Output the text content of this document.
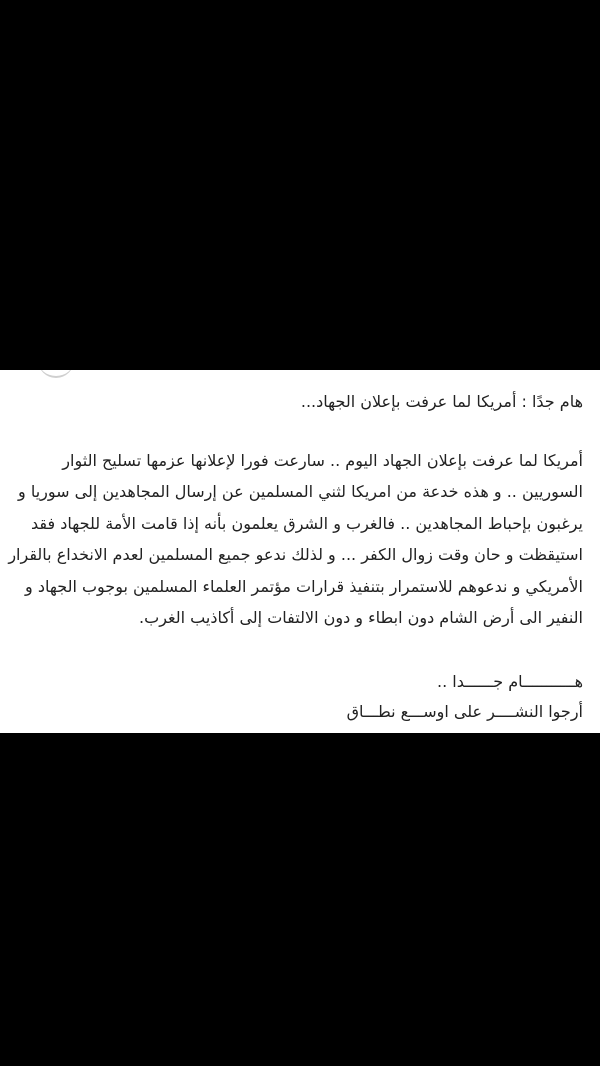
هام جدًا : أمريكا لما عرفت بإعلان الجهاد...
أمريكا لما عرفت بإعلان الجهاد اليوم .. سارعت فورا لإعلانها عزمها تسليح الثوار
السوريين .. و هذه خدعة من امريكا لثني المسلمين عن إرسال المجاهدين إلى سوريا و
يرغبون بإحباط المجاهدين .. فالغرب و الشرق يعلمون بأنه إذا قامت الأمة للجهاد فقد
استيقظت و حان وقت زوال الكفر ... و لذلك ندعو جميع المسلمين لعدم الانخداع بالقرار
الأمريكي و ندعوهم للاستمرار بتنفيذ قرارات مؤتمر العلماء المسلمين بوجوب الجهاد و
النفير الى أرض الشام دون ابطاء و دون الالتفات إلى أكاذيب الغرب.
هـــــــــــام جــــــدا ..
أرجوا النشــــر على اوســـع نطـــاق
